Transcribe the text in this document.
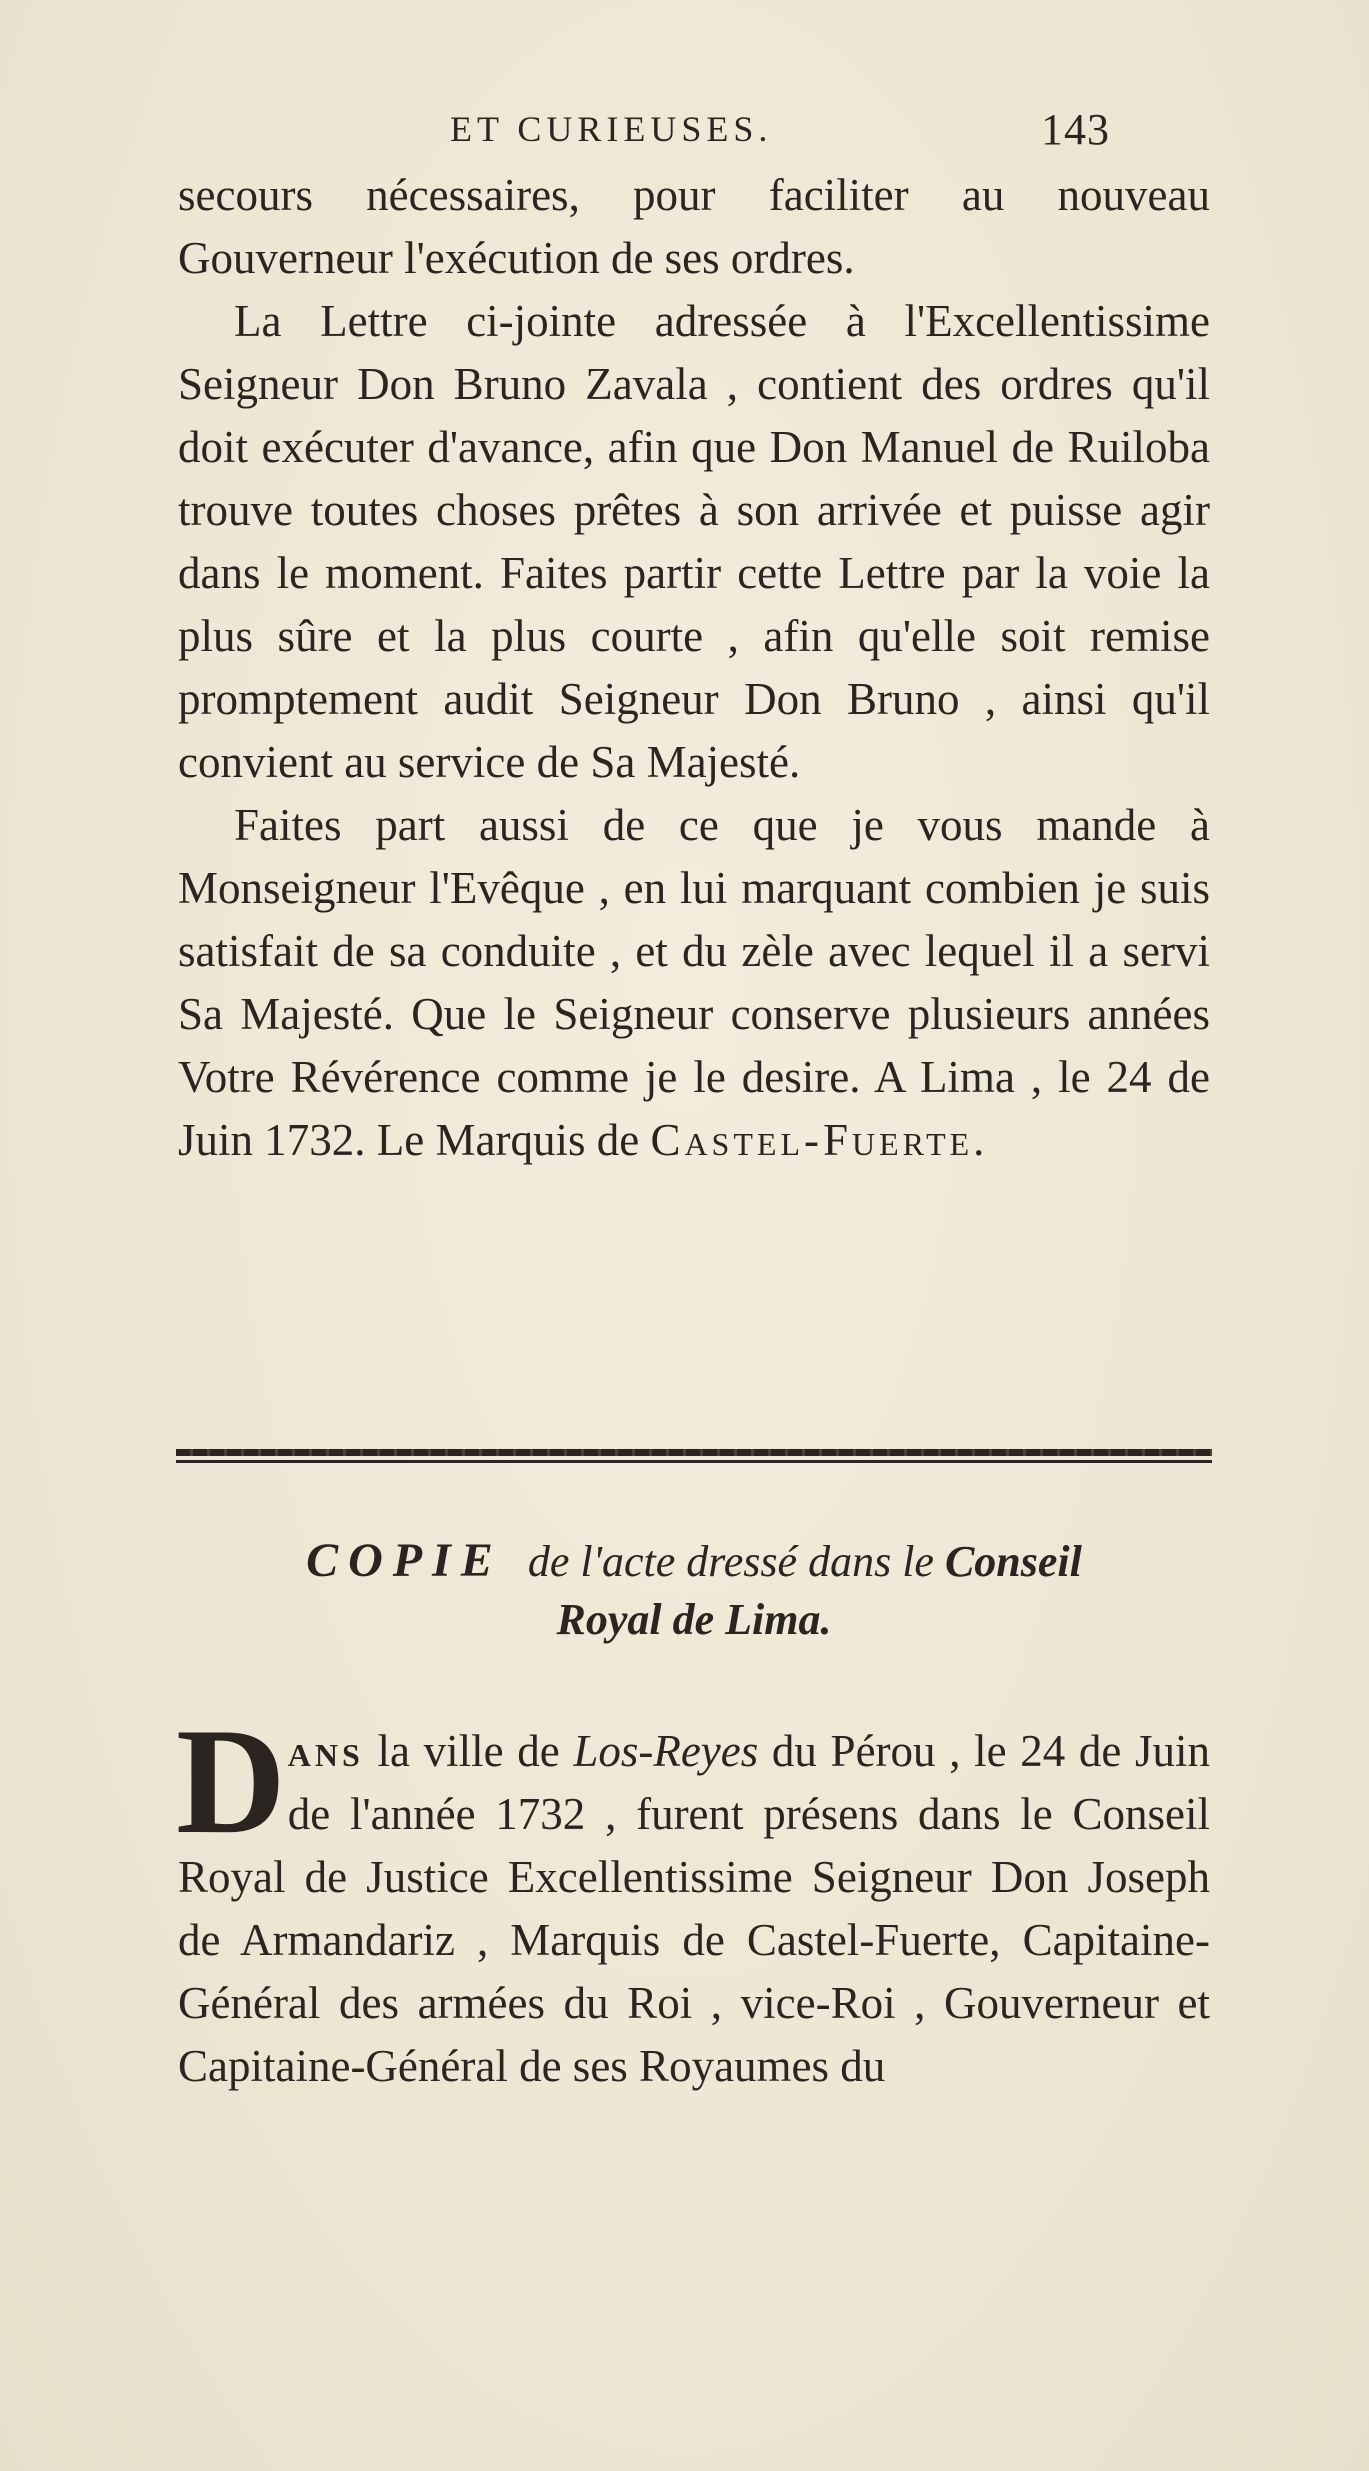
ET CURIEUSES.	143

secours nécessaires, pour faciliter au nouveau Gouverneur l'exécution de ses ordres.

La Lettre ci-jointe adressée à l'Excellentissime Seigneur Don Bruno Zavala , contient des ordres qu'il doit exécuter d'avance, afin que Don Manuel de Ruiloba trouve toutes choses prêtes à son arrivée et puisse agir dans le moment. Faites partir cette Lettre par la voie la plus sûre et la plus courte , afin qu'elle soit remise promptement audit Seigneur Don Bruno , ainsi qu'il convient au service de Sa Majesté.

Faites part aussi de ce que je vous mande à Monseigneur l'Evêque , en lui marquant combien je suis satisfait de sa conduite , et du zèle avec lequel il a servi Sa Majesté. Que le Seigneur conserve plusieurs années Votre Révérence comme je le desire. A Lima , le 24 de Juin 1732. Le Marquis de Castel-Fuerte.

COPIE de l'acte dressé dans le Conseil
Royal de Lima.

Dans la ville de Los-Reyes du Pérou , le 24 de Juin de l'année 1732 , furent présens dans le Conseil Royal de Justice Excellentissime Seigneur Don Joseph de Armandariz , Marquis de Castel-Fuerte, Capitaine-Général des armées du Roi , vice-Roi , Gouverneur et Capitaine-Général de ses Royaumes du
